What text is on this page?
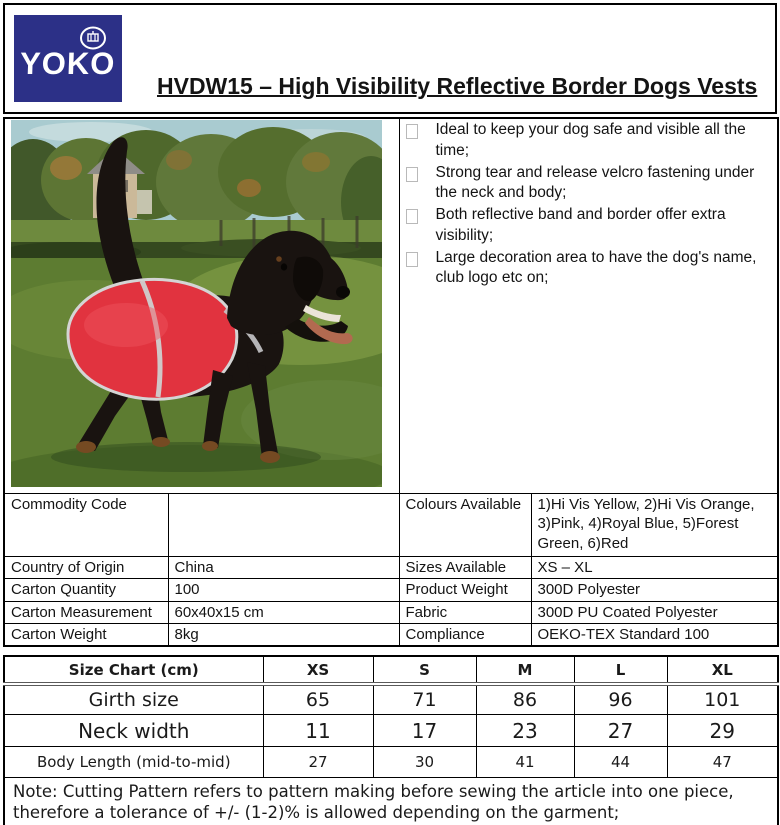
YOKO
HVDW15 – High Visibility Reflective Border Dogs Vests

Ideal to keep your dog safe and visible all the time;
Strong tear and release velcro fastening under the neck and body;
Both reflective band and border offer extra visibility;
Large decoration area to have the dog's name, club logo etc on;	

Commodity Code		Colours Available	1)Hi Vis Yellow, 2)Hi Vis Orange, 3)Pink, 4)Royal Blue, 5)Forest Green, 6)Red
Country of Origin	China	Sizes Available	XS – XL
Carton Quantity	100	Product Weight	300D Polyester
Carton Measurement	60x40x15 cm	Fabric	300D PU Coated Polyester
Carton Weight	8kg	Compliance	OEKO-TEX Standard 100
Size Chart (cm)	XS	S	M	L	XL
Girth size	65	71	86	96	101
Neck width	11	17	23	27	29
Body Length (mid-to-mid)	27	30	41	44	47
Note: Cutting Pattern refers to pattern making before sewing the article into one piece, therefore a tolerance of +/- (1-2)% is allowed depending on the garment;					
